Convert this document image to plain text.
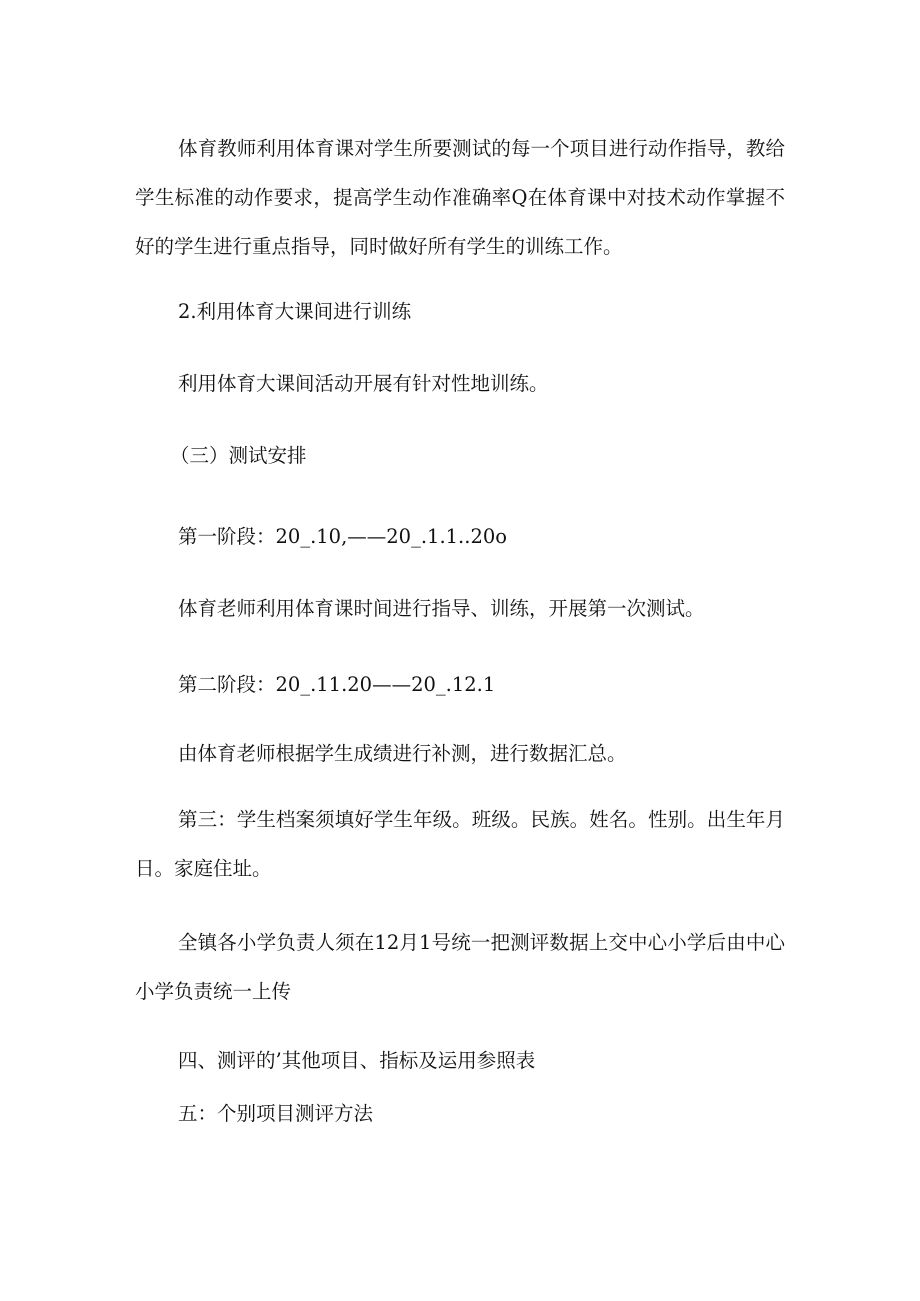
体育教师利用体育课对学生所要测试的每一个项目进行动作指导，教给学生标准的动作要求，提高学生动作准确率Q在体育课中对技术动作掌握不好的学生进行重点指导，同时做好所有学生的训练工作。

2.利用体育大课间进行训练

利用体育大课间活动开展有针对性地训练。

（三）测试安排

第一阶段：20_.10,——20_.1.1..20o

体育老师利用体育课时间进行指导、训练，开展第一次测试。

第二阶段：20_.11.20——20_.12.1

由体育老师根据学生成绩进行补测，进行数据汇总。

第三：学生档案须填好学生年级。班级。民族。姓名。性别。出生年月日。家庭住址。

全镇各小学负责人须在12月1号统一把测评数据上交中心小学后由中心小学负责统一上传

四、测评的’其他项目、指标及运用参照表

五：个别项目测评方法
